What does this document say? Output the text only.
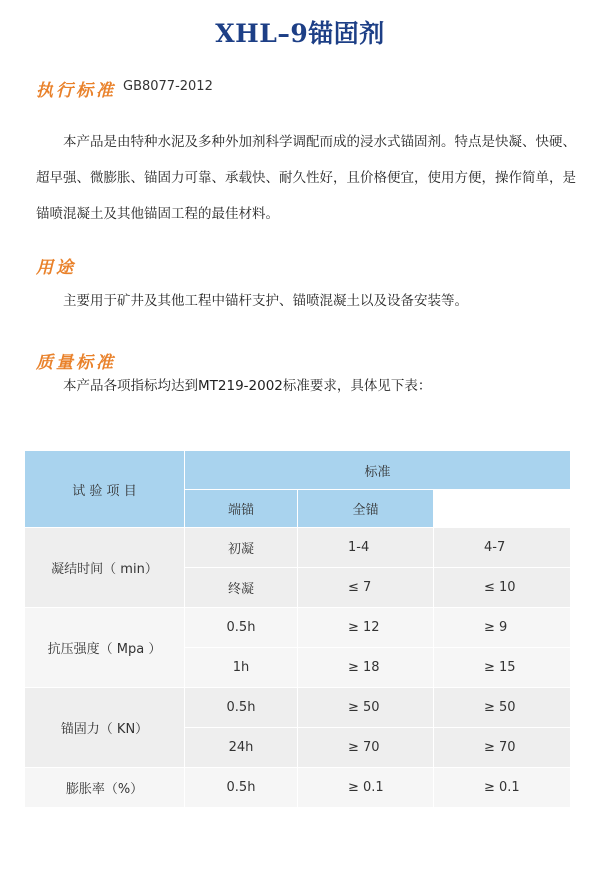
XHL–9锚固剂
执行标准 GB8077-2012
本产品是由特种水泥及多种外加剂科学调配而成的浸水式锚固剂。特点是快凝、快硬、超早强、微膨胀、锚固力可靠、承载快、耐久性好，且价格便宜，使用方便，操作简单，是锚喷混凝土及其他锚固工程的最佳材料。
用途
主要用于矿井及其他工程中锚杆支护、锚喷混凝土以及设备安装等。
质量标准
本产品各项指标均达到MT219-2002标准要求，具体见下表：
试 验 项 目	标准		
	端锚	全锚	
凝结时间（ min）	初凝	1-4	4-7
	终凝	≤ 7	≤ 10
抗压强度（ Mpa ）	0.5h	≥ 12	≥ 9
	1h	≥ 18	≥ 15
锚固力（ KN）	0.5h	≥ 50	≥ 50
	24h	≥ 70	≥ 70
膨胀率（%）	0.5h	≥ 0.1	≥ 0.1
